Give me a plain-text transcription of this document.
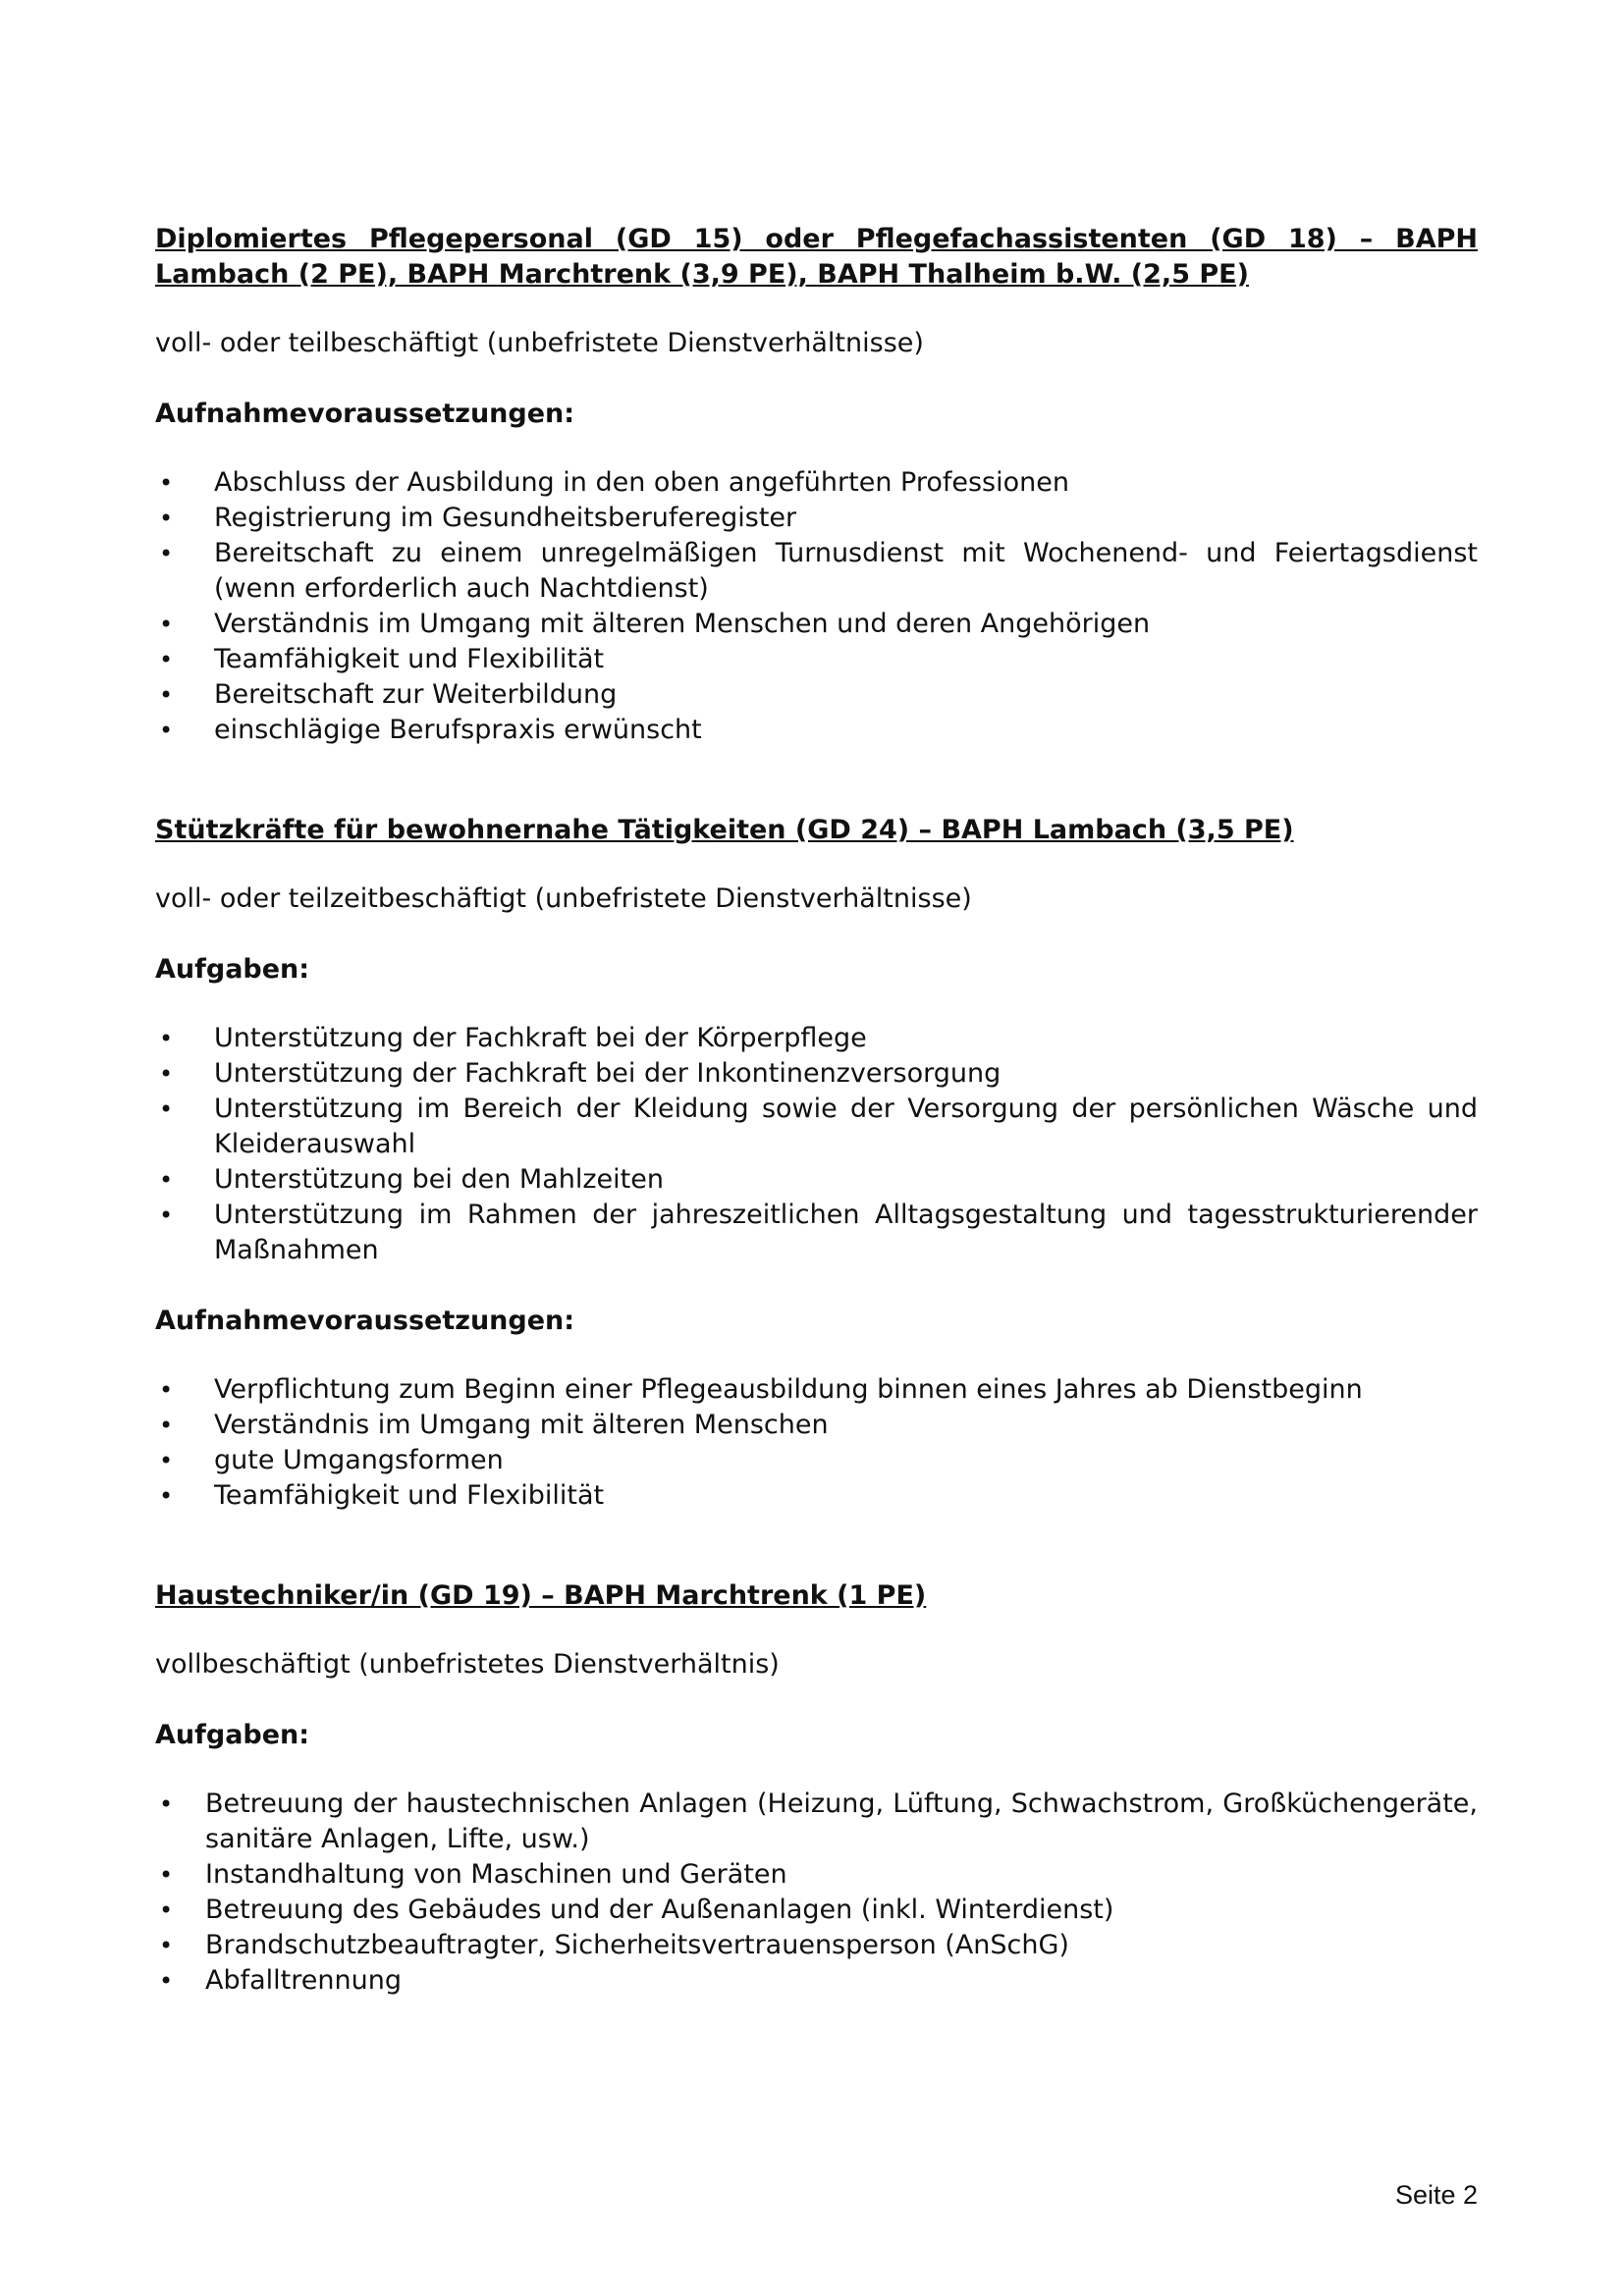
Diplomiertes Pflegepersonal (GD 15) oder Pflegefachassistenten (GD 18) – BAPH Lambach (2 PE), BAPH Marchtrenk (3,9 PE), BAPH Thalheim b.W. (2,5 PE)

voll- oder teilbeschäftigt (unbefristete Dienstverhältnisse)

Aufnahmevoraussetzungen:

• Abschluss der Ausbildung in den oben angeführten Professionen
• Registrierung im Gesundheitsberuferegister
• Bereitschaft zu einem unregelmäßigen Turnusdienst mit Wochenend- und Feiertagsdienst (wenn erforderlich auch Nachtdienst)
• Verständnis im Umgang mit älteren Menschen und deren Angehörigen
• Teamfähigkeit und Flexibilität
• Bereitschaft zur Weiterbildung
• einschlägige Berufspraxis erwünscht

Stützkräfte für bewohnernahe Tätigkeiten (GD 24) – BAPH Lambach (3,5 PE)

voll- oder teilzeitbeschäftigt (unbefristete Dienstverhältnisse)

Aufgaben:

• Unterstützung der Fachkraft bei der Körperpflege
• Unterstützung der Fachkraft bei der Inkontinenzversorgung
• Unterstützung im Bereich der Kleidung sowie der Versorgung der persönlichen Wäsche und Kleiderauswahl
• Unterstützung bei den Mahlzeiten
• Unterstützung im Rahmen der jahreszeitlichen Alltagsgestaltung und tagesstrukturierender Maßnahmen

Aufnahmevoraussetzungen:

• Verpflichtung zum Beginn einer Pflegeausbildung binnen eines Jahres ab Dienstbeginn
• Verständnis im Umgang mit älteren Menschen
• gute Umgangsformen
• Teamfähigkeit und Flexibilität

Haustechniker/in (GD 19) – BAPH Marchtrenk (1 PE)

vollbeschäftigt (unbefristetes Dienstverhältnis)

Aufgaben:

• Betreuung der haustechnischen Anlagen (Heizung, Lüftung, Schwachstrom, Großküchengeräte, sanitäre Anlagen, Lifte, usw.)
• Instandhaltung von Maschinen und Geräten
• Betreuung des Gebäudes und der Außenanlagen (inkl. Winterdienst)
• Brandschutzbeauftragter, Sicherheitsvertrauensperson (AnSchG)
• Abfalltrennung
Seite 2
